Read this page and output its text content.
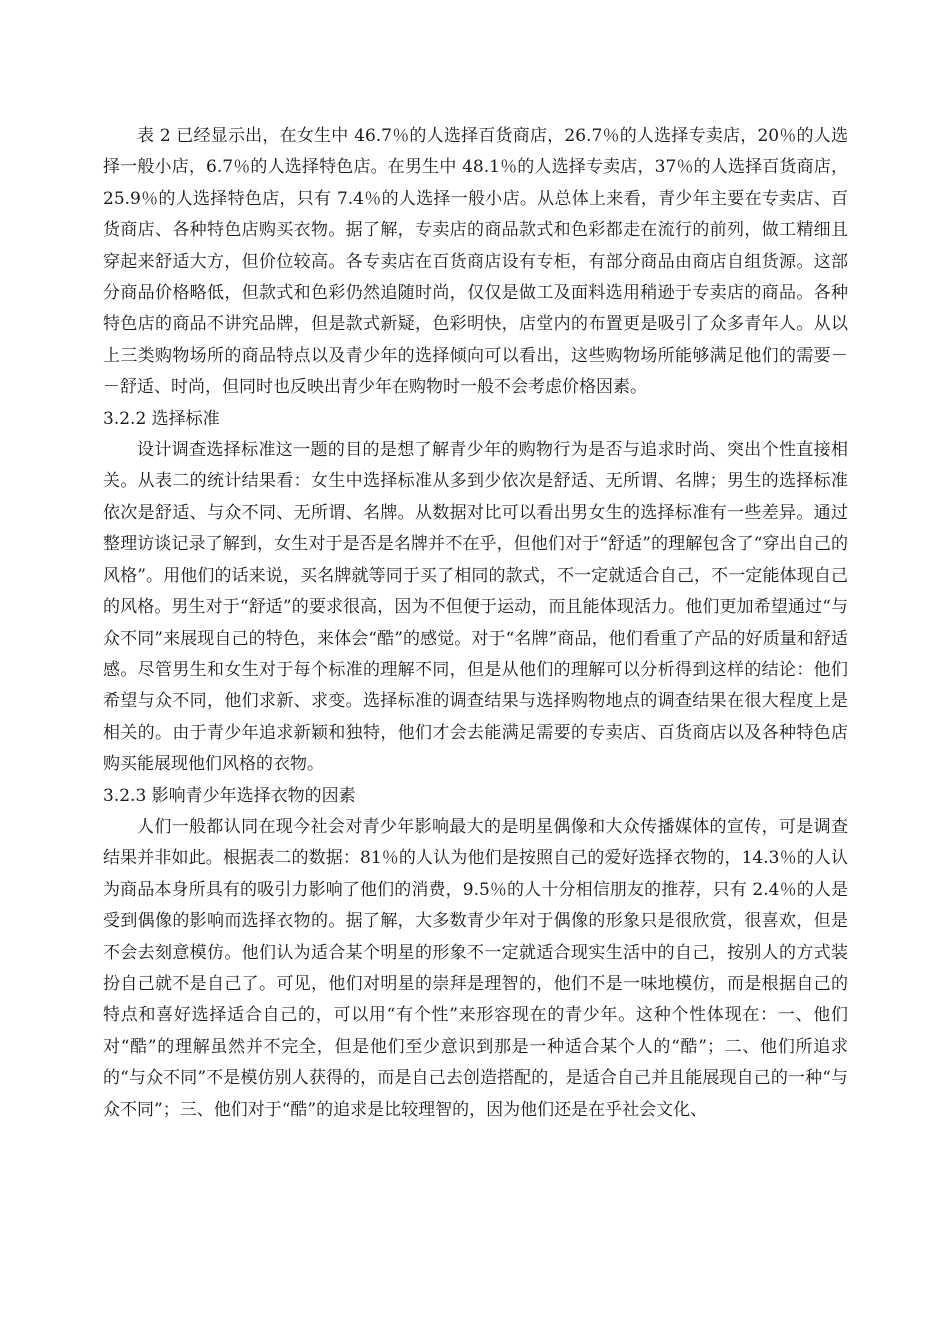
表 2 已经显示出，在女生中 46.7％的人选择百货商店，26.7％的人选择专卖店，20％的人选择一般小店，6.7％的人选择特色店。在男生中 48.1％的人选择专卖店，37％的人选择百货商店，25.9％的人选择特色店，只有 7.4％的人选择一般小店。从总体上来看，青少年主要在专卖店、百货商店、各种特色店购买衣物。据了解，专卖店的商品款式和色彩都走在流行的前列，做工精细且穿起来舒适大方，但价位较高。各专卖店在百货商店设有专柜，有部分商品由商店自组货源。这部分商品价格略低，但款式和色彩仍然追随时尚，仅仅是做工及面料选用稍逊于专卖店的商品。各种特色店的商品不讲究品牌，但是款式新疑，色彩明快，店堂内的布置更是吸引了众多青年人。从以上三类购物场所的商品特点以及青少年的选择倾向可以看出，这些购物场所能够满足他们的需要－－舒适、时尚，但同时也反映出青少年在购物时一般不会考虑价格因素。

3.2.2 选择标准

设计调查选择标准这一题的目的是想了解青少年的购物行为是否与追求时尚、突出个性直接相关。从表二的统计结果看：女生中选择标准从多到少依次是舒适、无所谓、名牌；男生的选择标准依次是舒适、与众不同、无所谓、名牌。从数据对比可以看出男女生的选择标准有一些差异。通过整理访谈记录了解到，女生对于是否是名牌并不在乎，但他们对于“舒适”的理解包含了“穿出自己的风格”。用他们的话来说，买名牌就等同于买了相同的款式，不一定就适合自己，不一定能体现自己的风格。男生对于“舒适”的要求很高，因为不但便于运动，而且能体现活力。他们更加希望通过“与众不同”来展现自己的特色，来体会“酷”的感觉。对于“名牌”商品，他们看重了产品的好质量和舒适感。尽管男生和女生对于每个标准的理解不同，但是从他们的理解可以分析得到这样的结论：他们希望与众不同，他们求新、求变。选择标准的调查结果与选择购物地点的调查结果在很大程度上是相关的。由于青少年追求新颖和独特，他们才会去能满足需要的专卖店、百货商店以及各种特色店购买能展现他们风格的衣物。

3.2.3 影响青少年选择衣物的因素

人们一般都认同在现今社会对青少年影响最大的是明星偶像和大众传播媒体的宣传，可是调查结果并非如此。根据表二的数据：81％的人认为他们是按照自己的爱好选择衣物的，14.3％的人认为商品本身所具有的吸引力影响了他们的消费，9.5％的人十分相信朋友的推荐，只有 2.4％的人是受到偶像的影响而选择衣物的。据了解，大多数青少年对于偶像的形象只是很欣赏，很喜欢，但是不会去刻意模仿。他们认为适合某个明星的形象不一定就适合现实生活中的自己，按别人的方式装扮自己就不是自己了。可见，他们对明星的崇拜是理智的，他们不是一味地模仿，而是根据自己的特点和喜好选择适合自己的，可以用“有个性”来形容现在的青少年。这种个性体现在：一、他们对“酷”的理解虽然并不完全，但是他们至少意识到那是一种适合某个人的“酷”；二、他们所追求的“与众不同”不是模仿别人获得的，而是自己去创造搭配的，是适合自己并且能展现自己的一种“与众不同”；三、他们对于“酷”的追求是比较理智的，因为他们还是在乎社会文化、
